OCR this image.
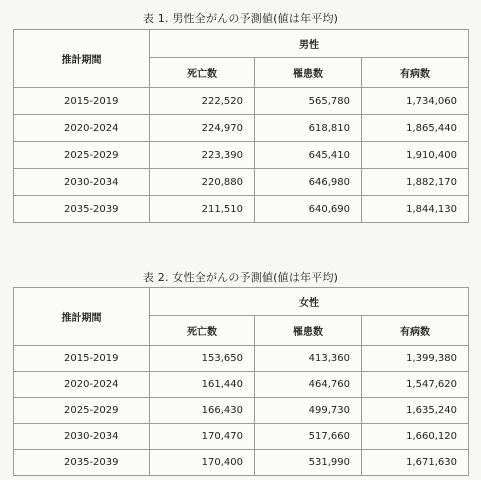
表 1. 男性全がんの予測値(値は年平均)
推計期間	男性		
	死亡数	罹患数	有病数
2015-2019	222,520	565,780	1,734,060
2020-2024	224,970	618,810	1,865,440
2025-2029	223,390	645,410	1,910,400
2030-2034	220,880	646,980	1,882,170
2035-2039	211,510	640,690	1,844,130
表 2. 女性全がんの予測値(値は年平均)
推計期間	女性		
	死亡数	罹患数	有病数
2015-2019	153,650	413,360	1,399,380
2020-2024	161,440	464,760	1,547,620
2025-2029	166,430	499,730	1,635,240
2030-2034	170,470	517,660	1,660,120
2035-2039	170,400	531,990	1,671,630
